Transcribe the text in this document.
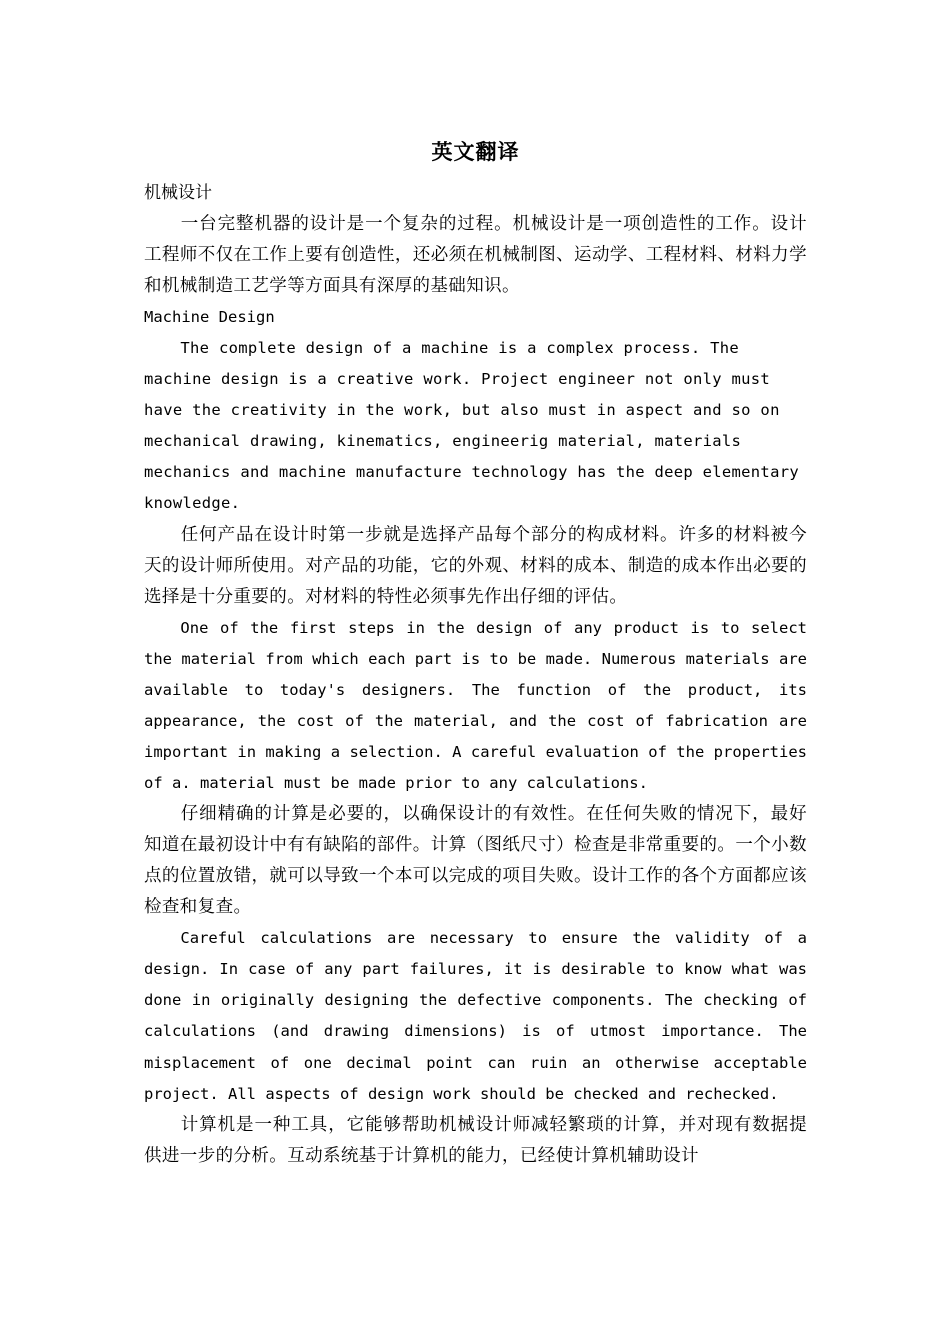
英文翻译

机械设计

一台完整机器的设计是一个复杂的过程。机械设计是一项创造性的工作。设计工程师不仅在工作上要有创造性，还必须在机械制图、运动学、工程材料、材料力学和机械制造工艺学等方面具有深厚的基础知识。

Machine Design

The complete design of a machine is a complex process. The machine design is a creative work. Project engineer not only must have the creativity in the work, but also must in aspect and so on mechanical drawing, kinematics, engineerig material, materials mechanics and machine manufacture technology has the deep elementary knowledge.

任何产品在设计时第一步就是选择产品每个部分的构成材料。许多的材料被今天的设计师所使用。对产品的功能，它的外观、材料的成本、制造的成本作出必要的选择是十分重要的。对材料的特性必须事先作出仔细的评估。

One of the first steps in the design of any product is to select the material from which each part is to be made. Numerous materials are available to today's designers. The function of the product, its appearance, the cost of the material, and the cost of fabrication are important in making a selection. A careful evaluation of the properties of a. material must be made prior to any calculations.

仔细精确的计算是必要的，以确保设计的有效性。在任何失败的情况下，最好知道在最初设计中有有缺陷的部件。计算（图纸尺寸）检查是非常重要的。一个小数点的位置放错，就可以导致一个本可以完成的项目失败。设计工作的各个方面都应该检查和复查。

Careful calculations are necessary to ensure the validity of a design. In case of any part failures, it is desirable to know what was done in originally designing the defective components. The checking of calculations (and drawing dimensions) is of utmost importance. The misplacement of one decimal point can ruin an otherwise acceptable project. All aspects of design work should be checked and rechecked.

计算机是一种工具，它能够帮助机械设计师减轻繁琐的计算，并对现有数据提供进一步的分析。互动系统基于计算机的能力，已经使计算机辅助设计
